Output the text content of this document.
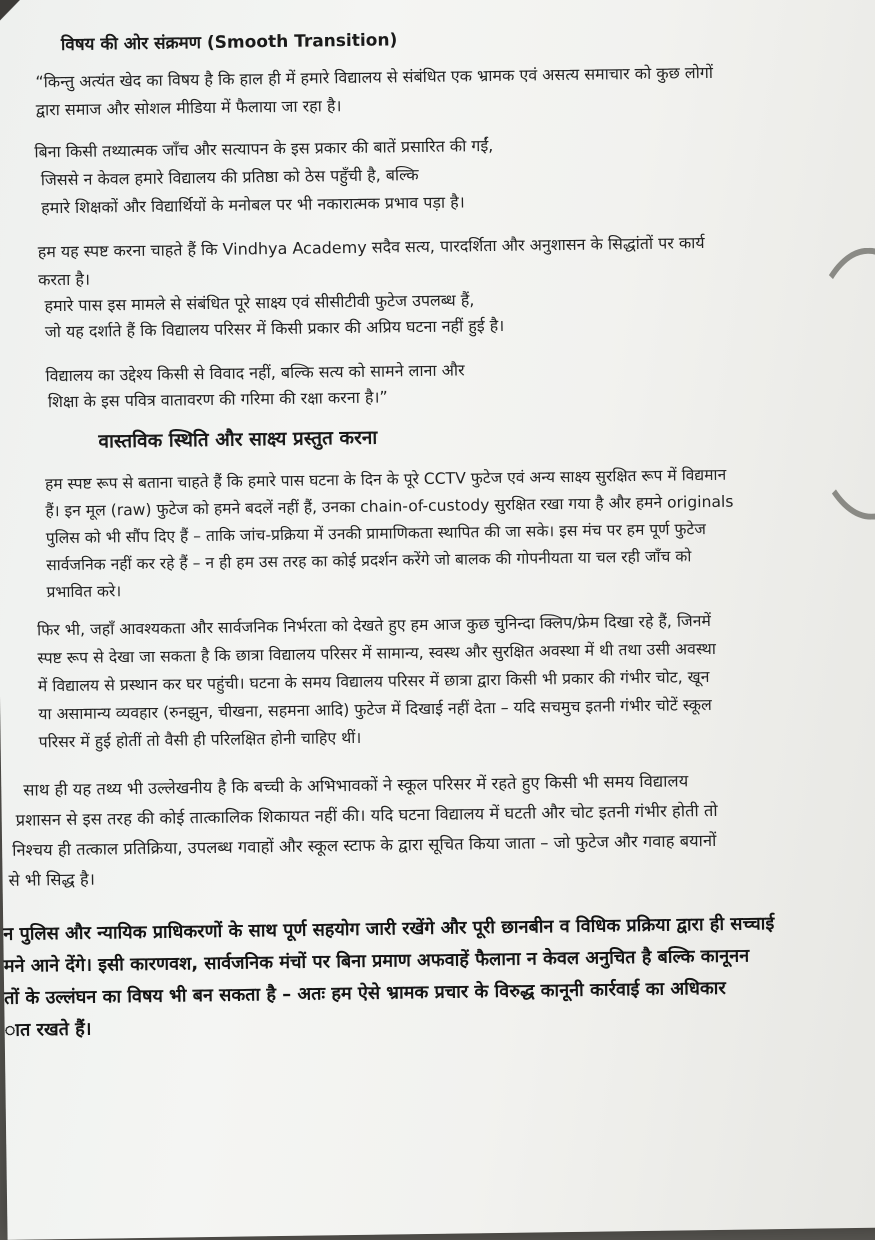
विषय की ओर संक्रमण (Smooth Transition)
“किन्तु अत्यंत खेद का विषय है कि हाल ही में हमारे विद्यालय से संबंधित एक भ्रामक एवं असत्य समाचार को कुछ लोगों
द्वारा समाज और सोशल मीडिया में फैलाया जा रहा है।
बिना किसी तथ्यात्मक जाँच और सत्यापन के इस प्रकार की बातें प्रसारित की गईं,
जिससे न केवल हमारे विद्यालय की प्रतिष्ठा को ठेस पहुँची है, बल्कि
हमारे शिक्षकों और विद्यार्थियों के मनोबल पर भी नकारात्मक प्रभाव पड़ा है।
हम यह स्पष्ट करना चाहते हैं कि Vindhya Academy सदैव सत्य, पारदर्शिता और अनुशासन के सिद्धांतों पर कार्य
करता है।
हमारे पास इस मामले से संबंधित पूरे साक्ष्य एवं सीसीटीवी फुटेज उपलब्ध हैं,
जो यह दर्शाते हैं कि विद्यालय परिसर में किसी प्रकार की अप्रिय घटना नहीं हुई है।
विद्यालय का उद्देश्य किसी से विवाद नहीं, बल्कि सत्य को सामने लाना और
शिक्षा के इस पवित्र वातावरण की गरिमा की रक्षा करना है।”
वास्तविक स्थिति और साक्ष्य प्रस्तुत करना
हम स्पष्ट रूप से बताना चाहते हैं कि हमारे पास घटना के दिन के पूरे CCTV फुटेज एवं अन्य साक्ष्य सुरक्षित रूप में विद्यमान
हैं। इन मूल (raw) फुटेज को हमने बदलें नहीं हैं, उनका chain-of-custody सुरक्षित रखा गया है और हमने originals
पुलिस को भी सौंप दिए हैं – ताकि जांच-प्रक्रिया में उनकी प्रामाणिकता स्थापित की जा सके। इस मंच पर हम पूर्ण फुटेज
सार्वजनिक नहीं कर रहे हैं – न ही हम उस तरह का कोई प्रदर्शन करेंगे जो बालक की गोपनीयता या चल रही जाँच को
प्रभावित करे।
फिर भी, जहाँ आवश्यकता और सार्वजनिक निर्भरता को देखते हुए हम आज कुछ चुनिन्दा क्लिप/फ्रेम दिखा रहे हैं, जिनमें
स्पष्ट रूप से देखा जा सकता है कि छात्रा विद्यालय परिसर में सामान्य, स्वस्थ और सुरक्षित अवस्था में थी तथा उसी अवस्था
में विद्यालय से प्रस्थान कर घर पहुंची। घटना के समय विद्यालय परिसर में छात्रा द्वारा किसी भी प्रकार की गंभीर चोट, खून
या असामान्य व्यवहार (रुनझुन, चीखना, सहमना आदि) फुटेज में दिखाई नहीं देता – यदि सचमुच इतनी गंभीर चोटें स्कूल
परिसर में हुई होतीं तो वैसी ही परिलक्षित होनी चाहिए थीं।
साथ ही यह तथ्य भी उल्लेखनीय है कि बच्ची के अभिभावकों ने स्कूल परिसर में रहते हुए किसी भी समय विद्यालय
प्रशासन से इस तरह की कोई तात्कालिक शिकायत नहीं की। यदि घटना विद्यालय में घटती और चोट इतनी गंभीर होती तो
निश्चय ही तत्काल प्रतिक्रिया, उपलब्ध गवाहों और स्कूल स्टाफ के द्वारा सूचित किया जाता – जो फुटेज और गवाह बयानों
से भी सिद्ध है।
न पुलिस और न्यायिक प्राधिकरणों के साथ पूर्ण सहयोग जारी रखेंगे और पूरी छानबीन व विधिक प्रक्रिया द्वारा ही सच्चाई
मने आने देंगे। इसी कारणवश, सार्वजनिक मंचों पर बिना प्रमाण अफवाहें फैलाना न केवल अनुचित है बल्कि कानूनन
तों के उल्लंघन का विषय भी बन सकता है – अतः हम ऐसे भ्रामक प्रचार के विरुद्ध कानूनी कार्रवाई का अधिकार
ात रखते हैं।
